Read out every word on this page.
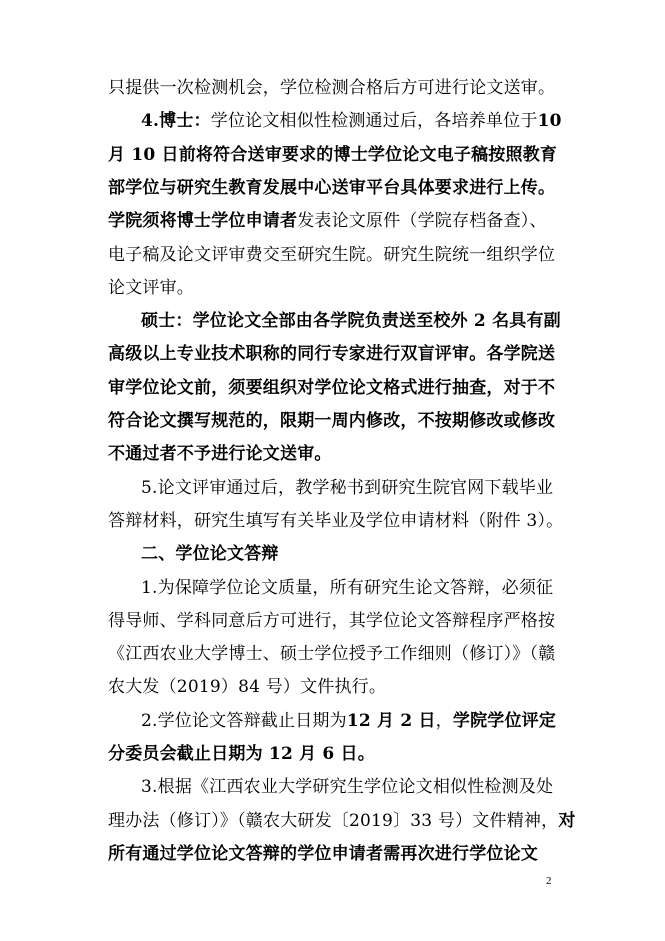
只提供一次检测机会，学位检测合格后方可进行论文送审。
4.博士：学位论文相似性检测通过后，各培养单位于10
月 10 日前将符合送审要求的博士学位论文电子稿按照教育
部学位与研究生教育发展中心送审平台具体要求进行上传。
学院须将博士学位申请者发表论文原件（学院存档备查）、
电子稿及论文评审费交至研究生院。研究生院统一组织学位
论文评审。
硕士：学位论文全部由各学院负责送至校外 2 名具有副
高级以上专业技术职称的同行专家进行双盲评审。各学院送
审学位论文前，须要组织对学位论文格式进行抽查，对于不
符合论文撰写规范的，限期一周内修改，不按期修改或修改
不通过者不予进行论文送审。
5.论文评审通过后，教学秘书到研究生院官网下载毕业
答辩材料，研究生填写有关毕业及学位申请材料（附件 3）。
二、学位论文答辩
1.为保障学位论文质量，所有研究生论文答辩，必须征
得导师、学科同意后方可进行，其学位论文答辩程序严格按
《江西农业大学博士、硕士学位授予工作细则（修订）》（赣
农大发（2019）84 号）文件执行。
2.学位论文答辩截止日期为12 月 2 日，学院学位评定
分委员会截止日期为 12 月 6 日。
3.根据《江西农业大学研究生学位论文相似性检测及处
理办法（修订）》（赣农大研发〔2019〕33 号）文件精神，对
所有通过学位论文答辩的学位申请者需再次进行学位论文
2
